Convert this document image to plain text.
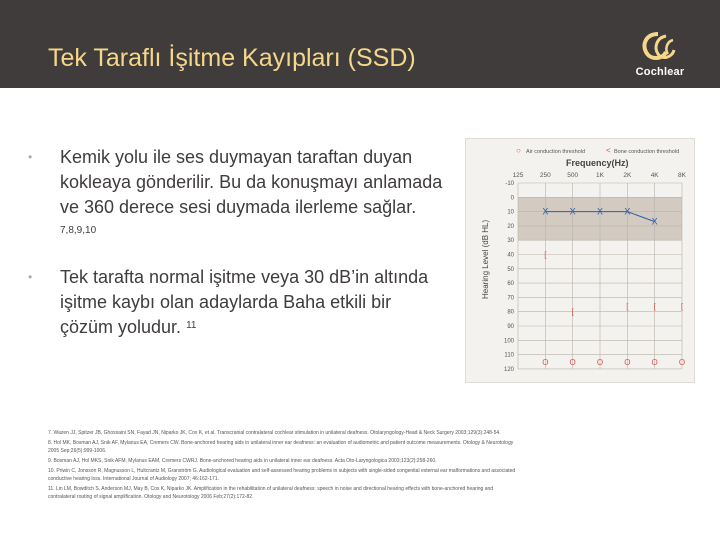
Tek Taraflı İşitme Kayıpları (SSD)	Cochlear
• Kemik yolu ile ses duymayan taraftan duyan kokleaya gönderilir. Bu da konuşmayı anlamada ve 360 derece sesi duymada ilerleme sağlar. $^{7,8,9,10}$
• Tek tarafta normal işitme veya 30 dB’in altında işitme kaybı olan adaylarda Baha etkili bir çözüm yoludur. $^{11}$
○ Air conduction threshold	< Bone conduction threshold
Frequency(Hz)
Hearing Level (dB HL)
-10
0
10
20
30
40
50
60
70
80
90
100
110
120
125	250	500	1K	2K	4K	8K
X X X X
X
[
[
[	[	[
O	O	O	O	O	O

7. Wazen JJ, Spitzer JB, Ghossaini SN, Fayad JN, Niparko JK, Cox K, et al. Transcranial contralateral cochlear stimulation in unilateral deafness. Otolaryngology-Head & Neck Surgery 2003;129(3):248-54.

8. Hol MK, Bosman AJ, Snik AF, Mylanus EA, Cremers CW. Bone-anchored hearing aids in unilateral inner ear deafness: an evaluation of audiometric and patient outcome measurements. Otology & Neurotology 2005 Sep;26(5):999-1006.

9. Bosman AJ, Hol MKS, Snik AFM, Mylanus EAM, Cremers CWRJ. Bone-anchored hearing aids in unilateral inner ear deafness. Acta Oto-Laryngologica 2003;123(2):258-260.

10. Priwin C, Jonsson R, Magnusson L, Hultcrantz M, Granström G. Audiological evaluation and self-assessed hearing problems in subjects with single-sided congenital external ear malformations and associated conductive hearing loss. International Journal of Audiology 2007; 46:162-171.

11. Lin LM, Bowditch S, Anderson MJ, May B, Cox K, Niparko JK. Amplification in the rehabilitation of unilateral deafness: speech in noise and directional hearing effects with bone-anchored hearing and contralateral routing of signal amplification. Otology and Neurotology 2006 Feb;27(2):172-82.
